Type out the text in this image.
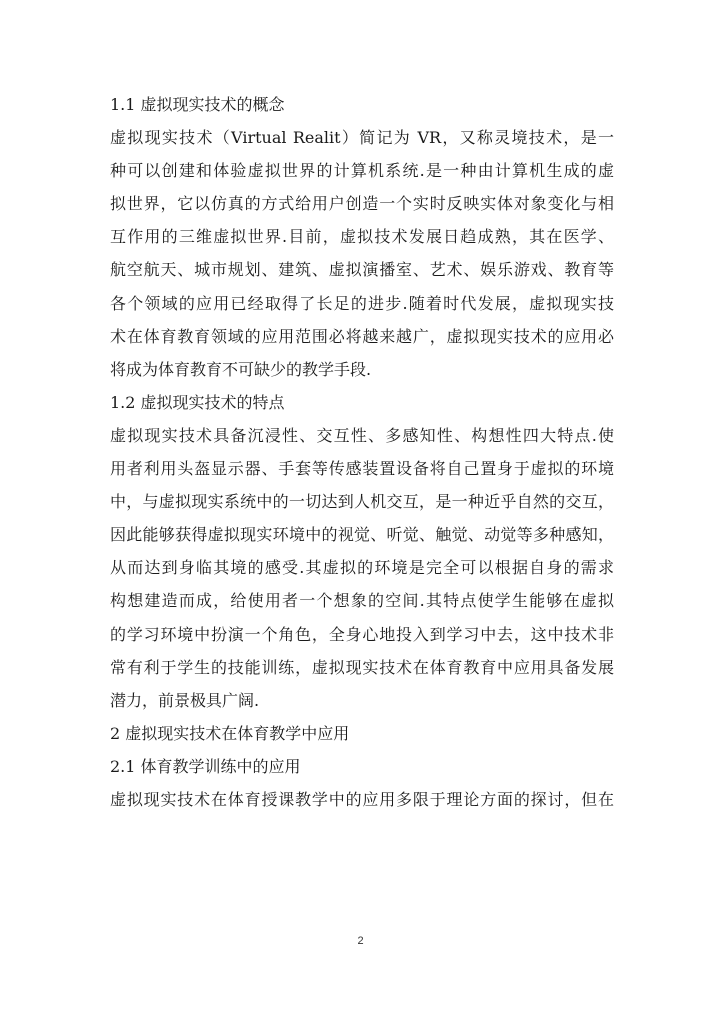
1.1 虚拟现实技术的概念
虚拟现实技术（Virtual Realit）简记为 VR，又称灵境技术，是一
种可以创建和体验虚拟世界的计算机系统.是一种由计算机生成的虚
拟世界，它以仿真的方式给用户创造一个实时反映实体对象变化与相
互作用的三维虚拟世界.目前，虚拟技术发展日趋成熟，其在医学、
航空航天、城市规划、建筑、虚拟演播室、艺术、娱乐游戏、教育等
各个领域的应用已经取得了长足的进步.随着时代发展，虚拟现实技
术在体育教育领域的应用范围必将越来越广，虚拟现实技术的应用必
将成为体育教育不可缺少的教学手段.
1.2 虚拟现实技术的特点
虚拟现实技术具备沉浸性、交互性、多感知性、构想性四大特点.使
用者利用头盔显示器、手套等传感装置设备将自己置身于虚拟的环境
中，与虚拟现实系统中的一切达到人机交互，是一种近乎自然的交互，
因此能够获得虚拟现实环境中的视觉、听觉、触觉、动觉等多种感知，
从而达到身临其境的感受.其虚拟的环境是完全可以根据自身的需求
构想建造而成，给使用者一个想象的空间.其特点使学生能够在虚拟
的学习环境中扮演一个角色，全身心地投入到学习中去，这中技术非
常有利于学生的技能训练，虚拟现实技术在体育教育中应用具备发展
潜力，前景极具广阔.
2 虚拟现实技术在体育教学中应用
2.1 体育教学训练中的应用
虚拟现实技术在体育授课教学中的应用多限于理论方面的探讨，但在
2
